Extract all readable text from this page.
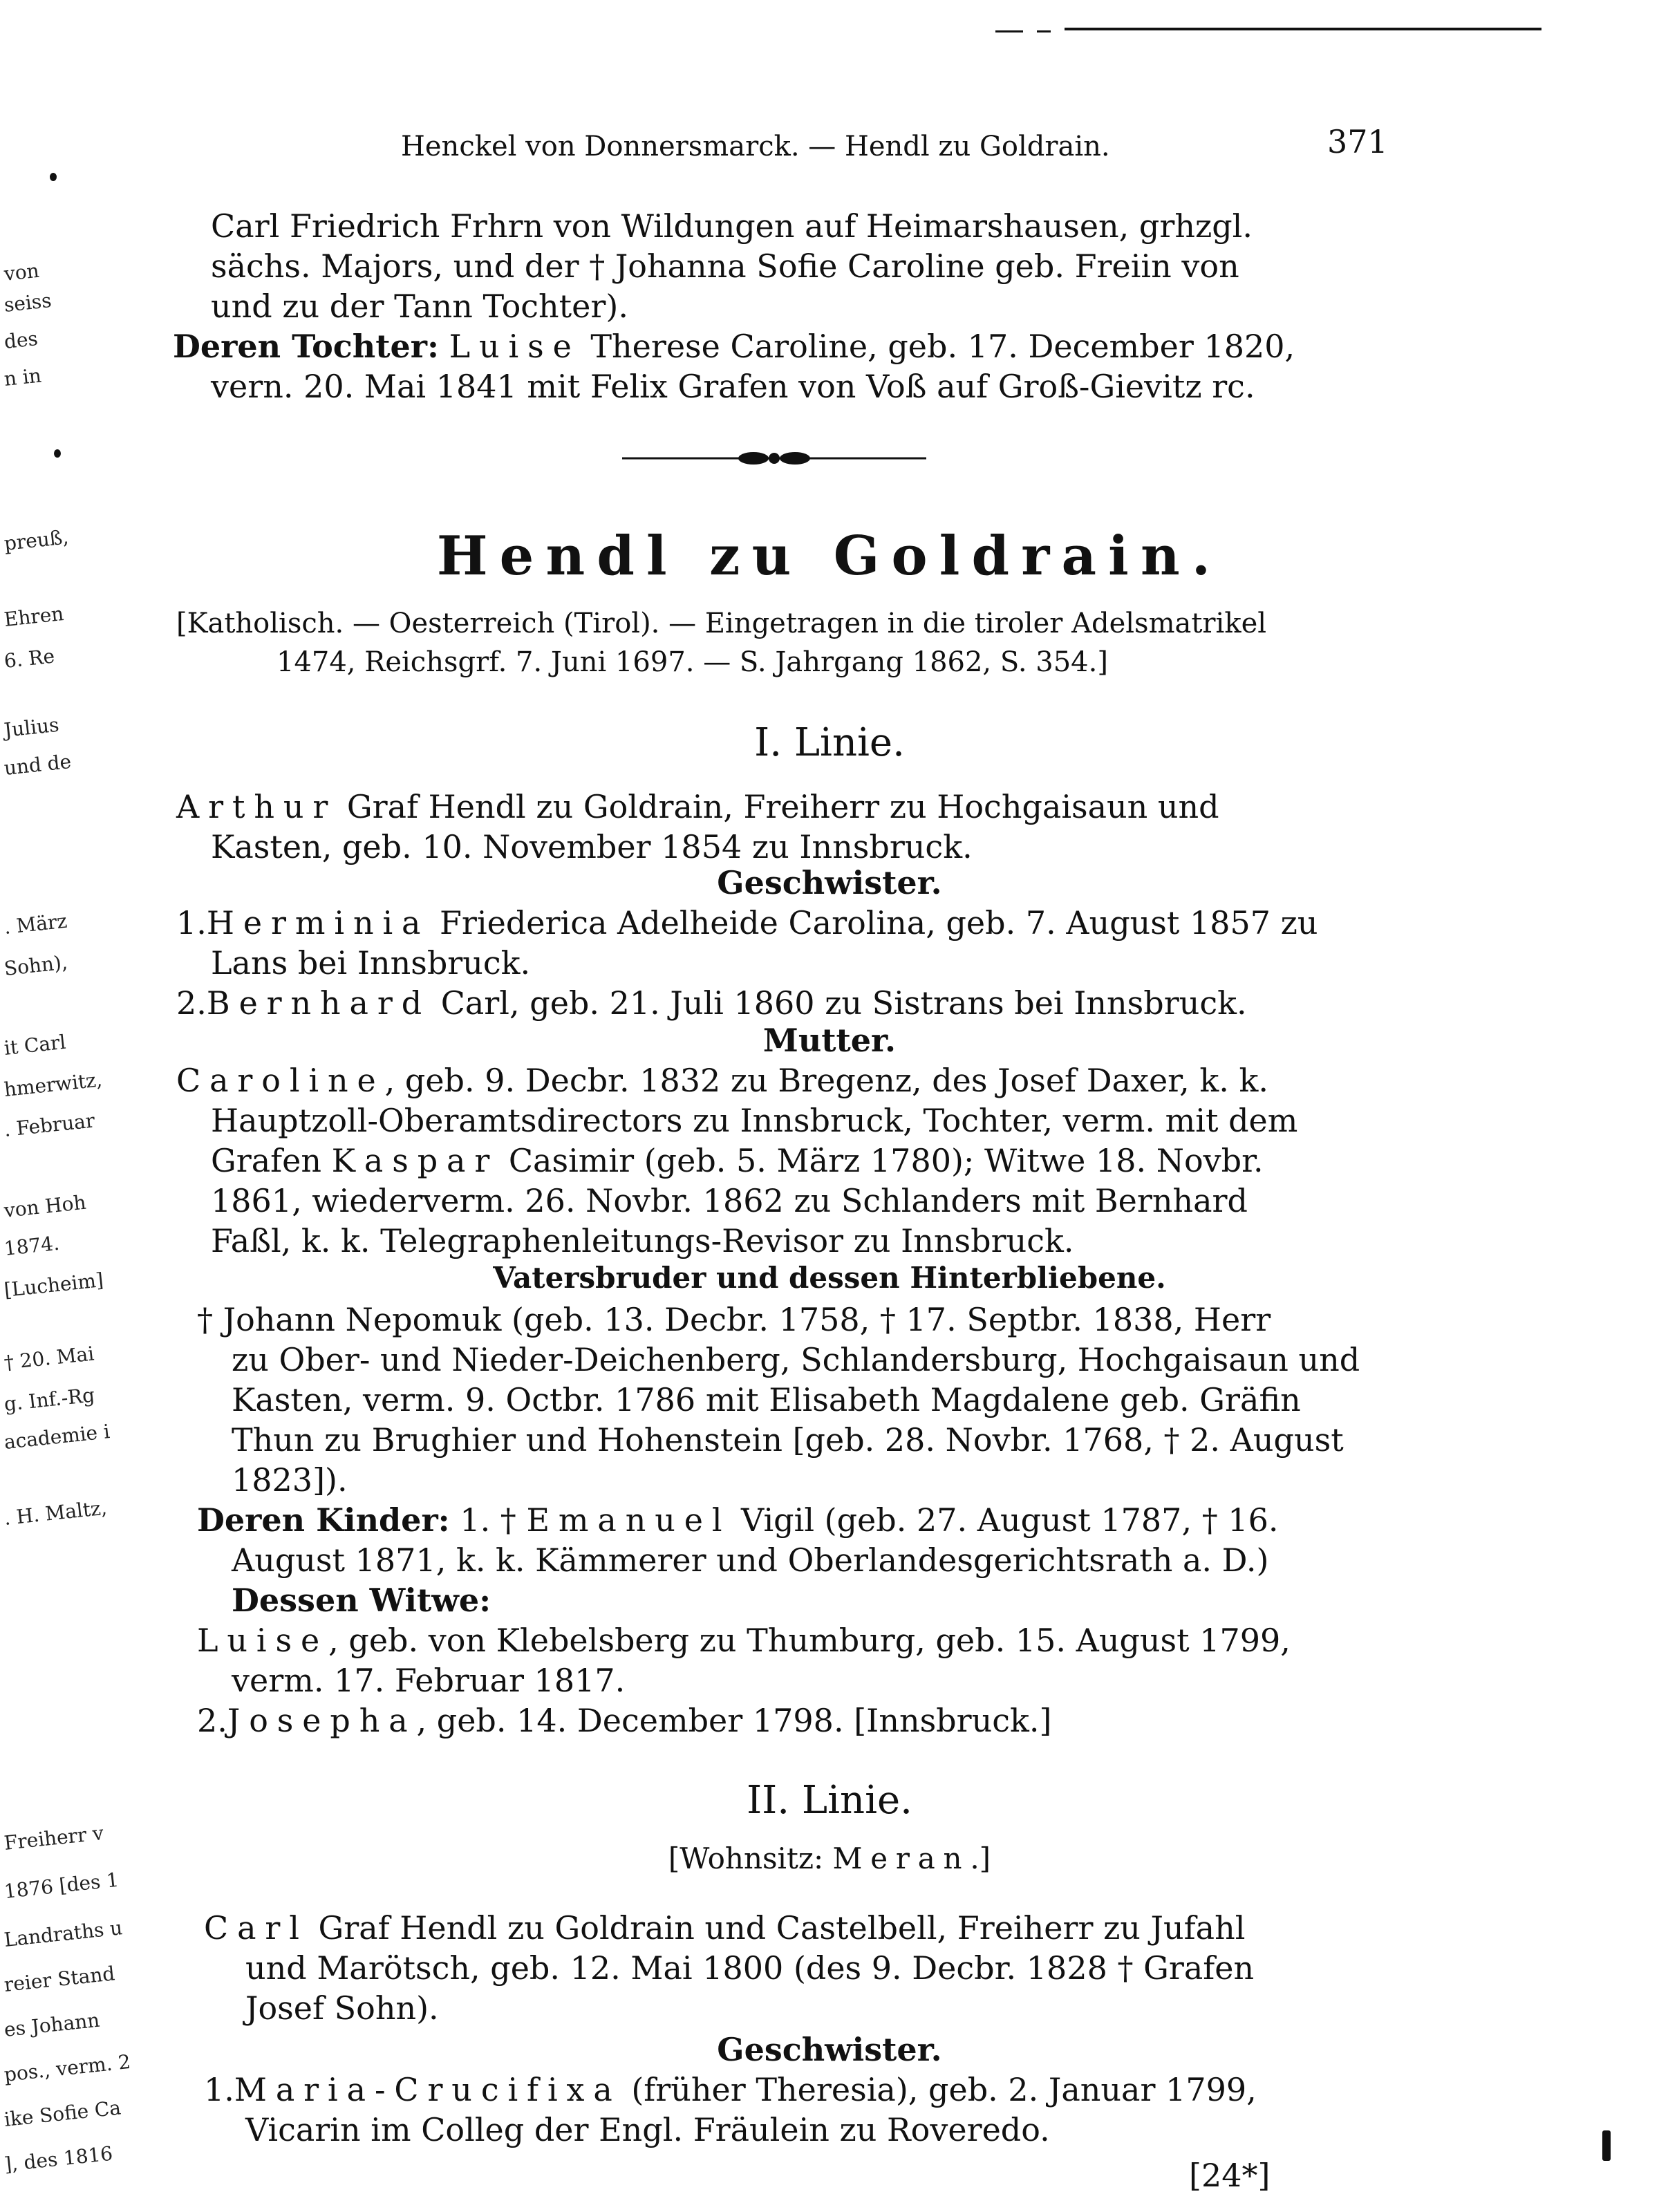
von
seiss
des
n in
preuß,
Ehren
6. Re
Julius
und de
. März
Sohn),
it Carl
hmerwitz,
. Februar
von Hoh
1874.
[Lucheim]
† 20. Mai
g. Inf.-Rg
academie i
. H. Maltz,
Freiherr v
1876 [des 1
Landraths u
reier Stand
es Johann
pos., verm. 2
ike Sofie Ca
], des 1816
Henckel von Donnersmarck. — Hendl zu Goldrain.	371
Carl Friedrich Frhrn von Wildungen auf Heimarshausen, grhzgl.
sächs. Majors, und der † Johanna Sofie Caroline geb. Freiin von
und zu der Tann Tochter).
Deren Tochter: Luise Therese Caroline, geb. 17. December 1820,
vern. 20. Mai 1841 mit Felix Grafen von Voß auf Groß-Gievitz rc.
Hendl zu Goldrain.
[Katholisch. — Oesterreich (Tirol). — Eingetragen in die tiroler Adelsmatrikel
1474, Reichsgrf. 7. Juni 1697. — S. Jahrgang 1862, S. 354.]
I. Linie.
Arthur Graf Hendl zu Goldrain, Freiherr zu Hochgaisaun und
Kasten, geb. 10. November 1854 zu Innsbruck.
Geschwister.
1.Herminia Friederica Adelheide Carolina, geb. 7. August 1857 zu
Lans bei Innsbruck.
2.Bernhard Carl, geb. 21. Juli 1860 zu Sistrans bei Innsbruck.
Mutter.
Caroline, geb. 9. Decbr. 1832 zu Bregenz, des Josef Daxer, k. k.
Hauptzoll-Oberamtsdirectors zu Innsbruck, Tochter, verm. mit dem
Grafen Kaspar Casimir (geb. 5. März 1780); Witwe 18. Novbr.
1861, wiederverm. 26. Novbr. 1862 zu Schlanders mit Bernhard
Faßl, k. k. Telegraphenleitungs-Revisor zu Innsbruck.
Vatersbruder und dessen Hinterbliebene.
† Johann Nepomuk (geb. 13. Decbr. 1758, † 17. Septbr. 1838, Herr
zu Ober- und Nieder-Deichenberg, Schlandersburg, Hochgaisaun und
Kasten, verm. 9. Octbr. 1786 mit Elisabeth Magdalene geb. Gräfin
Thun zu Brughier und Hohenstein [geb. 28. Novbr. 1768, † 2. August
1823]).
Deren Kinder: 1. † Emanuel Vigil (geb. 27. August 1787, † 16.
August 1871, k. k. Kämmerer und Oberlandesgerichtsrath a. D.)
Dessen Witwe:
Luise, geb. von Klebelsberg zu Thumburg, geb. 15. August 1799,
verm. 17. Februar 1817.
2.Josepha, geb. 14. December 1798. [Innsbruck.]
II. Linie.
[Wohnsitz: Meran.]
Carl Graf Hendl zu Goldrain und Castelbell, Freiherr zu Jufahl
und Marötsch, geb. 12. Mai 1800 (des 9. Decbr. 1828 † Grafen
Josef Sohn).
Geschwister.
1.Maria-Crucifixa (früher Theresia), geb. 2. Januar 1799,
Vicarin im Colleg der Engl. Fräulein zu Roveredo.
[24*]
